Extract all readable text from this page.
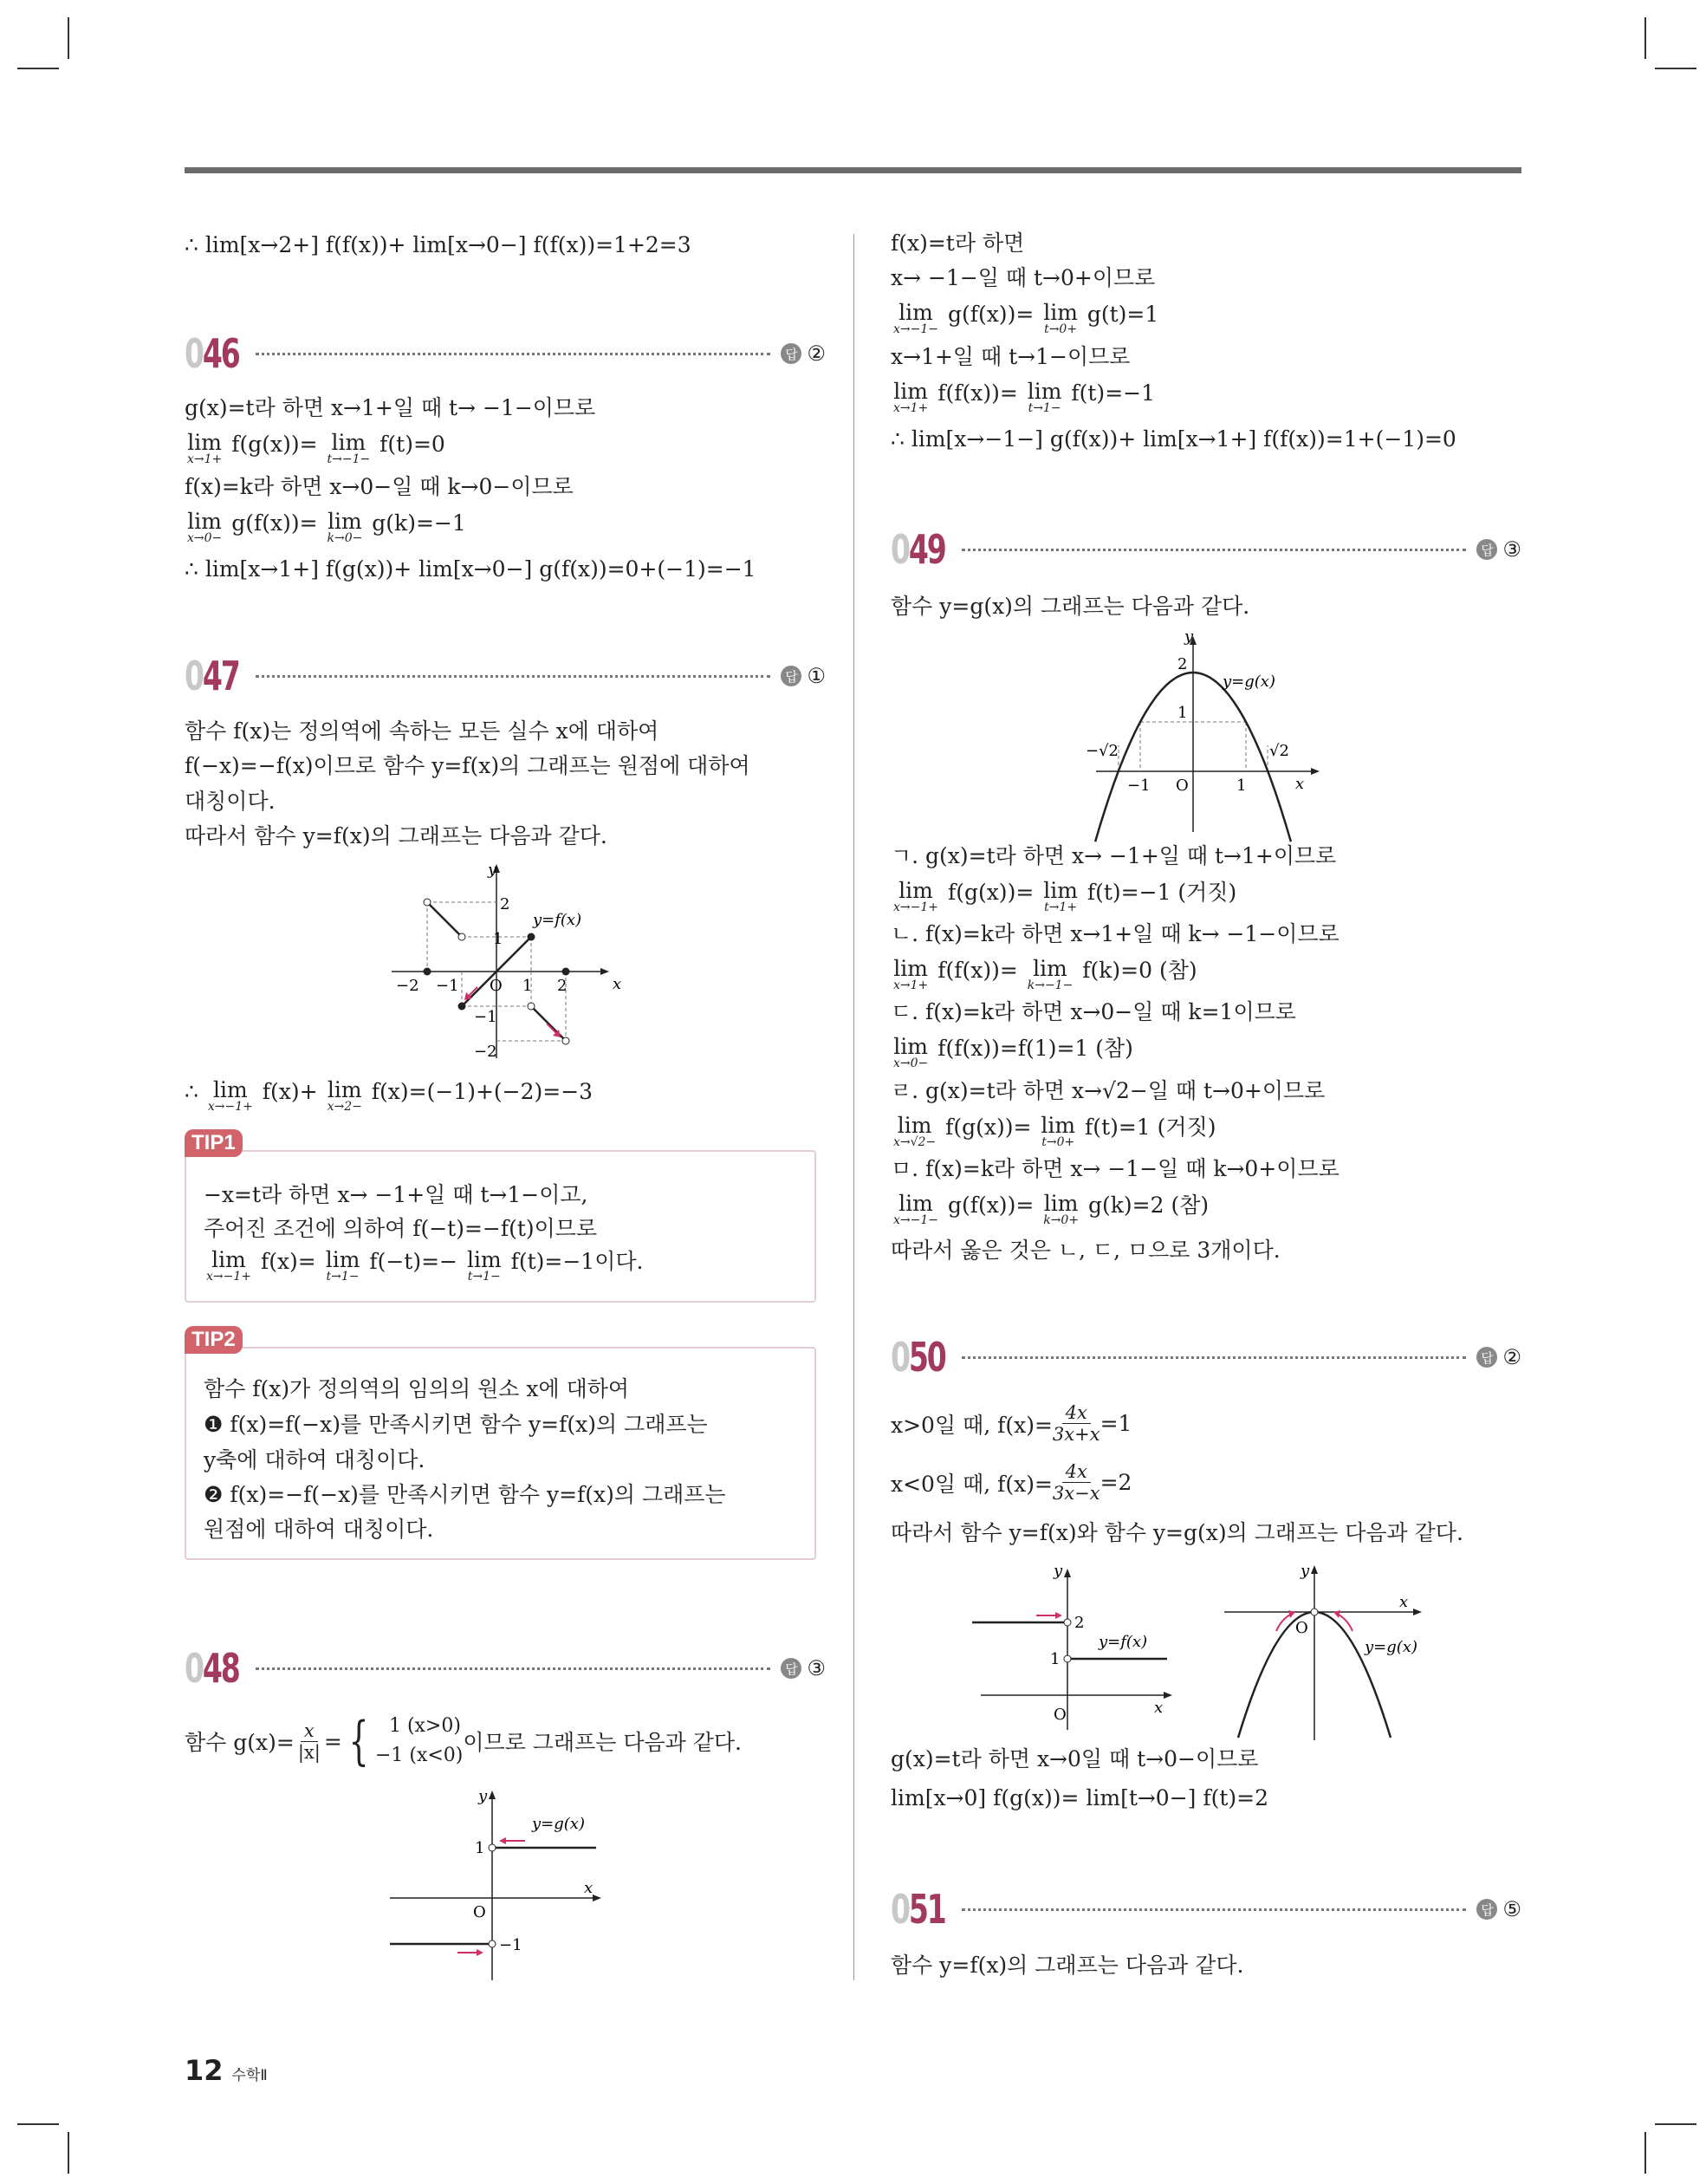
∴ lim[x→2+] f(f(x))+ lim[x→0−] f(f(x))=1+2=3
046	답 ②
g(x)=t라 하면 x→1+일 때 t→ −1−이므로
lim
x→1+
f(g(x))= lim
t→−1−
f(t)=0
f(x)=k라 하면 x→0−일 때 k→0−이므로
lim
x→0−
g(f(x))= lim
k→0−
g(k)=−1
∴ lim[x→1+] f(g(x))+ lim[x→0−] g(f(x))=0+(−1)=−1
047	답 ①
함수 f(x)는 정의역에 속하는 모든 실수 x에 대하여
f(−x)=−f(x)이므로 함수 y=f(x)의 그래프는 원점에 대하여
대칭이다.
따라서 함수 y=f(x)의 그래프는 다음과 같다.
y
x
O
y=f(x)
2
1
−1
−2
−2 −1	1 2
∴ lim
x→−1+
f(x)+ lim
x→2−
f(x)=(−1)+(−2)=−3
TIP1
−x=t라 하면 x→ −1+일 때 t→1−이고,
주어진 조건에 의하여 f(−t)=−f(t)이므로
lim
x→−1+
f(x)= lim
t→1−
f(−t)=− lim
t→1−
f(t)=−1이다.
TIP2
함수 f(x)가 정의역의 임의의 원소 x에 대하여
❶ f(x)=f(−x)를 만족시키면 함수 y=f(x)의 그래프는
y축에 대하여 대칭이다.
❷ f(x)=−f(−x)를 만족시키면 함수 y=f(x)의 그래프는
원점에 대하여 대칭이다.
048	답 ③
함수 $g(x)= \frac{x}{|x|}$ = {	1 (x>0)
−1 (x<0)
이므로 그래프는 다음과 같다.
y
x
O
y=g(x)
1
−1
f(x)=t라 하면
x→ −1−일 때 t→0+이므로
lim
x→−1−
g(f(x))= lim
t→0+
g(t)=1
x→1+일 때 t→1−이므로
lim
x→1+
f(f(x))= lim
t→1−
f(t)=−1
∴ lim[x→−1−] g(f(x))+ lim[x→1+] f(f(x))=1+(−1)=0
049	답 ③
함수 y=g(x)의 그래프는 다음과 같다.
y
x
O
y=g(x)
2
1
−1	1
−√2	√2
ㄱ. g(x)=t라 하면 x→ −1+일 때 t→1+이므로
lim
x→−1+
f(g(x))= lim
t→1+
f(t)=−1 (거짓)
ㄴ. f(x)=k라 하면 x→1+일 때 k→ −1−이므로
lim
x→1+
f(f(x))= lim
k→−1−
f(k)=0 (참)
ㄷ. f(x)=k라 하면 x→0−일 때 k=1이므로
lim
x→0−
f(f(x))=f(1)=1 (참)
ㄹ. g(x)=t라 하면 x→√2−일 때 t→0+이므로
lim
x→√2−
f(g(x))= lim
t→0+
f(t)=1 (거짓)
ㅁ. f(x)=k라 하면 x→ −1−일 때 k→0+이므로
lim
x→−1−
g(f(x))= lim
k→0+
g(k)=2 (참)
따라서 옳은 것은 ㄴ, ㄷ, ㅁ으로 3개이다.
050	답 ②
x>0일 때, $f(x)= \frac{4x}{3x+x} =1$
x<0일 때, $f(x)= \frac{4x}{3x-x} =2$
따라서 함수 y=f(x)와 함수 y=g(x)의 그래프는 다음과 같다.
y
x
O
y=f(x)
2
1
y
x
O
y=g(x)
g(x)=t라 하면 x→0일 때 t→0−이므로
lim[x→0] f(g(x))= lim[t→0−] f(t)=2
051	답 ⑤
함수 y=f(x)의 그래프는 다음과 같다.
12 수학Ⅱ
